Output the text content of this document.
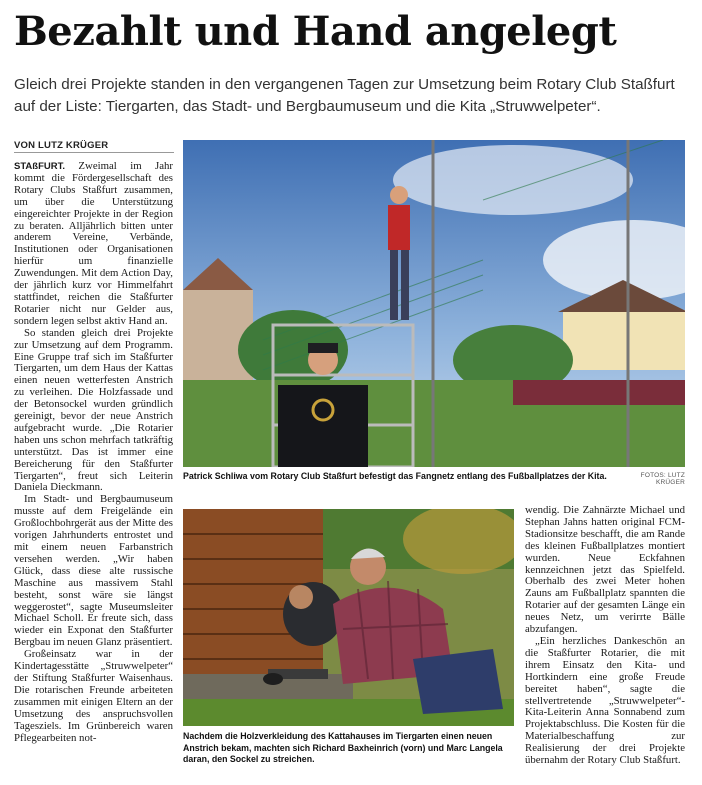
Bezahlt und Hand angelegt
Gleich drei Projekte standen in den vergangenen Tagen zur Umsetzung beim Rotary Club Staßfurt auf der Liste: Tiergarten, das Stadt- und Bergbaumuseum und die Kita „Struwwelpeter“.
VON LUTZ KRÜGER

STAßFURT. Zweimal im Jahr kommt die Fördergesellschaft des Rotary Clubs Staßfurt zusammen, um über die Unterstützung eingereichter Projekte in der Region zu beraten. Alljährlich bitten unter anderem Vereine, Verbände, Institutionen oder Organisationen hierfür um finanzielle Zuwendungen. Mit dem Action Day, der jährlich kurz vor Himmelfahrt stattfindet, reichen die Staßfurter Rotarier nicht nur Gelder aus, sondern legen selbst aktiv Hand an.

So standen gleich drei Projekte zur Umsetzung auf dem Programm. Eine Gruppe traf sich im Staßfurter Tiergarten, um dem Haus der Kattas einen neuen wetterfesten Anstrich zu verleihen. Die Holzfassade und der Betonsockel wurden gründlich gereinigt, bevor der neue Anstrich aufgebracht wurde. „Die Rotarier haben uns schon mehrfach tatkräftig unterstützt. Das ist immer eine Bereicherung für den Staßfurter Tiergarten“, freut sich Leiterin Daniela Dieckmann.

Im Stadt- und Bergbaumuseum musste auf dem Freigelände ein Großlochbohrgerät aus der Mitte des vorigen Jahrhunderts entrostet und mit einem neuen Farbanstrich versehen werden. „Wir haben Glück, dass diese alte russische Maschine aus massivem Stahl besteht, sonst wäre sie längst weggerostet“, sagte Museumsleiter Michael Scholl. Er freute sich, dass wieder ein Exponat den Staßfurter Bergbau im neuen Glanz präsentiert.

Großeinsatz war in der Kindertagesstätte „Struwwelpeter“ der Stiftung Staßfurter Waisenhaus. Die rotarischen Freunde arbeiteten zusammen mit einigen Eltern an der Umsetzung des anspruchsvollen Tagesziels. Im Grünbereich waren Pflegearbeiten not-

Patrick Schliwa vom Rotary Club Staßfurt befestigt das Fangnetz entlang des Fußballplatzes der Kita.	FOTOS: LUTZ KRÜGER
Nachdem die Holzverkleidung des Kattahauses im Tiergarten einen neuen Anstrich bekam, machten sich Richard Baxheinrich (vorn) und Marc Langela daran, den Sockel zu streichen.

wendig. Die Zahnärzte Michael und Stephan Jahns hatten original FCM-Stadionsitze beschafft, die am Rande des kleinen Fußballplatzes montiert wurden. Neue Eckfahnen kennzeichnen jetzt das Spielfeld. Oberhalb des zwei Meter hohen Zauns am Fußballplatz spannten die Rotarier auf der gesamten Länge ein neues Netz, um verirrte Bälle abzufangen.

„Ein herzliches Dankeschön an die Staßfurter Rotarier, die mit ihrem Einsatz den Kita- und Hortkindern eine große Freude bereitet haben“, sagte die stellvertretende „Struwwelpeter“-Kita-Leiterin Anna Sonnabend zum Projektabschluss. Die Kosten für die Materialbeschaffung zur Realisierung der drei Projekte übernahm der Rotary Club Staßfurt.
